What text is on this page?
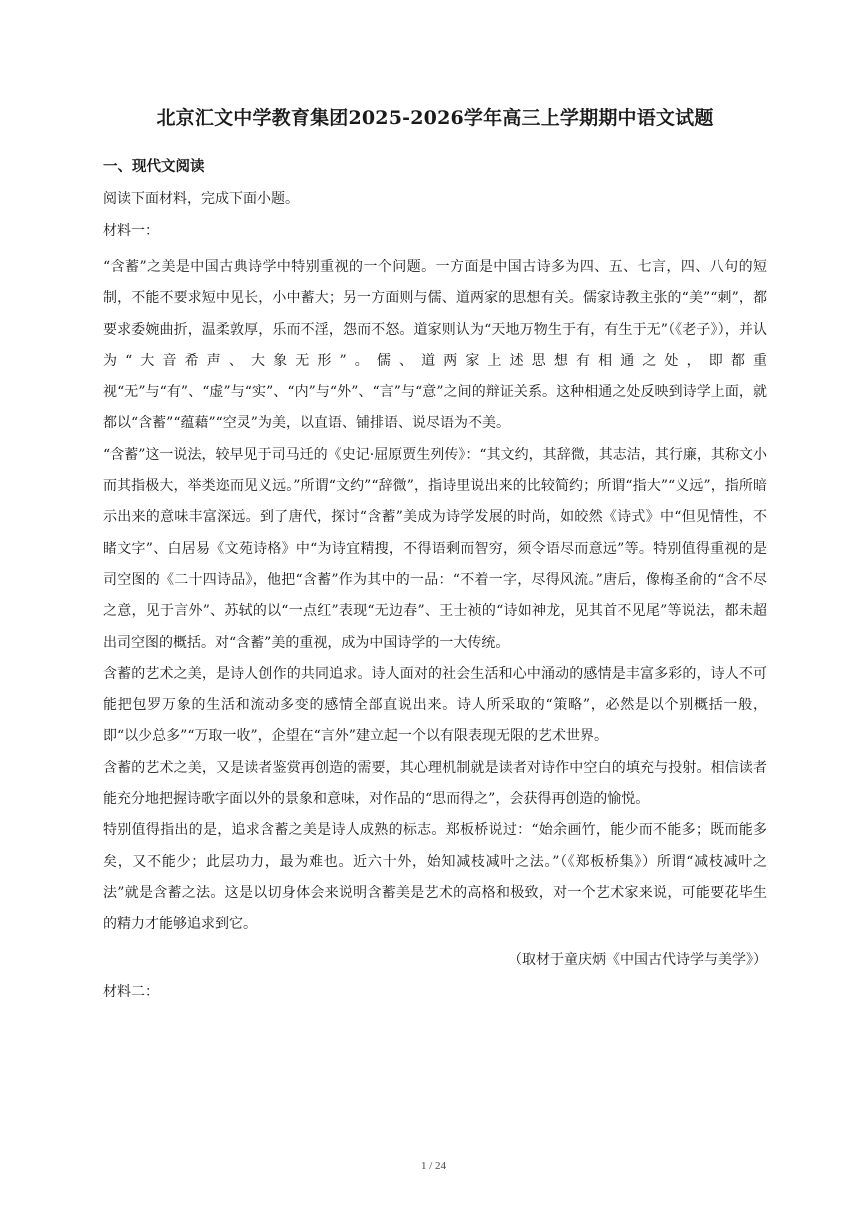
北京汇文中学教育集团2025-2026学年高三上学期期中语文试题
一、现代文阅读
阅读下面材料，完成下面小题。
材料一：

“含蓄”之美是中国古典诗学中特别重视的一个问题。一方面是中国古诗多为四、五、七言，四、八句的短制，不能不要求短中见长，小中蓄大；另一方面则与儒、道两家的思想有关。儒家诗教主张的“美”“刺”，都要求委婉曲折，温柔敦厚，乐而不淫，怨而不怒。道家则认为“天地万物生于有，有生于无”（《老子》），并认为“大音希声、大象无形”。儒、道两家上述思想有相通之处，即都重视“无”与“有”、“虚”与“实”、“内”与“外”、“言”与“意”之间的辩证关系。这种相通之处反映到诗学上面，就都以“含蓄”“蕴藉”“空灵”为美，以直语、铺排语、说尽语为不美。

“含蓄”这一说法，较早见于司马迁的《史记·屈原贾生列传》：“其文约，其辞微，其志洁，其行廉，其称文小而其指极大，举类迩而见义远。”所谓“文约”“辞微”，指诗里说出来的比较简约；所谓“指大”“义远”，指所暗示出来的意味丰富深远。到了唐代，探讨“含蓄”美成为诗学发展的时尚，如皎然《诗式》中“但见情性，不睹文字”、白居易《文苑诗格》中“为诗宜精搜，不得语剩而智穷，须令语尽而意远”等。特别值得重视的是司空图的《二十四诗品》，他把“含蓄”作为其中的一品：“不着一字，尽得风流。”唐后，像梅圣俞的“含不尽之意，见于言外”、苏轼的以“一点红”表现“无边春”、王士祯的“诗如神龙，见其首不见尾”等说法，都未超出司空图的概括。对“含蓄”美的重视，成为中国诗学的一大传统。

含蓄的艺术之美，是诗人创作的共同追求。诗人面对的社会生活和心中涌动的感情是丰富多彩的，诗人不可能把包罗万象的生活和流动多变的感情全部直说出来。诗人所采取的“策略”，必然是以个别概括一般，即“以少总多”“万取一收”，企望在“言外”建立起一个以有限表现无限的艺术世界。

含蓄的艺术之美，又是读者鉴赏再创造的需要，其心理机制就是读者对诗作中空白的填充与投射。相信读者能充分地把握诗歌字面以外的景象和意味，对作品的“思而得之”，会获得再创造的愉悦。

特别值得指出的是，追求含蓄之美是诗人成熟的标志。郑板桥说过：“始余画竹，能少而不能多；既而能多矣，又不能少；此层功力，最为难也。近六十外，始知减枝减叶之法。”（《郑板桥集》）所谓“减枝减叶之法”就是含蓄之法。这是以切身体会来说明含蓄美是艺术的高格和极致，对一个艺术家来说，可能要花毕生的精力才能够追求到它。

（取材于童庆炳《中国古代诗学与美学》）
材料二：
1 / 24
